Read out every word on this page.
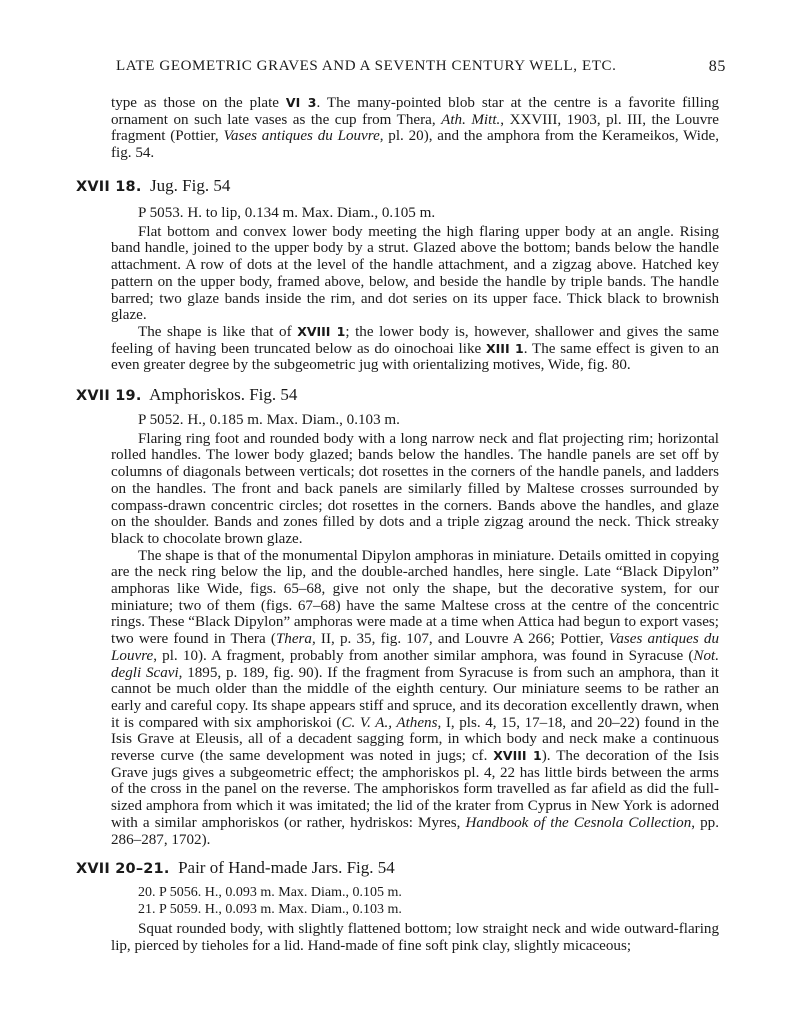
LATE GEOMETRIC GRAVES AND A SEVENTH CENTURY WELL, ETC.	85

type as those on the plate VI 3. The many-pointed blob star at the centre is a favorite filling ornament on such late vases as the cup from Thera, Ath. Mitt., XXVIII, 1903, pl. III, the Louvre fragment (Pottier, Vases antiques du Louvre, pl. 20), and the amphora from the Kerameikos, Wide, fig. 54.

XVII 18. Jug. Fig. 54

P 5053. H. to lip, 0.134 m. Max. Diam., 0.105 m.

Flat bottom and convex lower body meeting the high flaring upper body at an angle. Rising band handle, joined to the upper body by a strut. Glazed above the bottom; bands below the handle attachment. A row of dots at the level of the handle attachment, and a zigzag above. Hatched key pattern on the upper body, framed above, below, and beside the handle by triple bands. The handle barred; two glaze bands inside the rim, and dot series on its upper face. Thick black to brownish glaze.

The shape is like that of XVIII 1; the lower body is, however, shallower and gives the same feeling of having been truncated below as do oinochoai like XIII 1. The same effect is given to an even greater degree by the subgeometric jug with orientalizing motives, Wide, fig. 80.

XVII 19. Amphoriskos. Fig. 54

P 5052. H., 0.185 m. Max. Diam., 0.103 m.

Flaring ring foot and rounded body with a long narrow neck and flat projecting rim; horizontal rolled handles. The lower body glazed; bands below the handles. The handle panels are set off by columns of diagonals between verticals; dot rosettes in the corners of the handle panels, and ladders on the handles. The front and back panels are similarly filled by Maltese crosses surrounded by compass-drawn concentric circles; dot rosettes in the corners. Bands above the handles, and glaze on the shoulder. Bands and zones filled by dots and a triple zigzag around the neck. Thick streaky black to chocolate brown glaze.

The shape is that of the monumental Dipylon amphoras in miniature. Details omitted in copying are the neck ring below the lip, and the double-arched handles, here single. Late “Black Dipylon” amphoras like Wide, figs. 65–68, give not only the shape, but the decorative system, for our miniature; two of them (figs. 67–68) have the same Maltese cross at the centre of the concentric rings. These “Black Dipylon” amphoras were made at a time when Attica had begun to export vases; two were found in Thera (Thera, II, p. 35, fig. 107, and Louvre A 266; Pottier, Vases antiques du Louvre, pl. 10). A fragment, probably from another similar amphora, was found in Syracuse (Not. degli Scavi, 1895, p. 189, fig. 90). If the fragment from Syracuse is from such an amphora, than it cannot be much older than the middle of the eighth century. Our miniature seems to be rather an early and careful copy. Its shape appears stiff and spruce, and its decoration excellently drawn, when it is compared with six amphoriskoi (C. V. A., Athens, I, pls. 4, 15, 17–18, and 20–22) found in the Isis Grave at Eleusis, all of a decadent sagging form, in which body and neck make a continuous reverse curve (the same development was noted in jugs; cf. XVIII 1). The decoration of the Isis Grave jugs gives a subgeometric effect; the amphoriskos pl. 4, 22 has little birds between the arms of the cross in the panel on the reverse. The amphoriskos form travelled as far afield as did the full-sized amphora from which it was imitated; the lid of the krater from Cyprus in New York is adorned with a similar amphoriskos (or rather, hydriskos: Myres, Handbook of the Cesnola Collection, pp. 286–287, 1702).

XVII 20–21. Pair of Hand-made Jars. Fig. 54
20. P 5056. H., 0.093 m. Max. Diam., 0.105 m.
21. P 5059. H., 0.093 m. Max. Diam., 0.103 m.

Squat rounded body, with slightly flattened bottom; low straight neck and wide outward-flaring lip, pierced by tieholes for a lid. Hand-made of fine soft pink clay, slightly micaceous;
